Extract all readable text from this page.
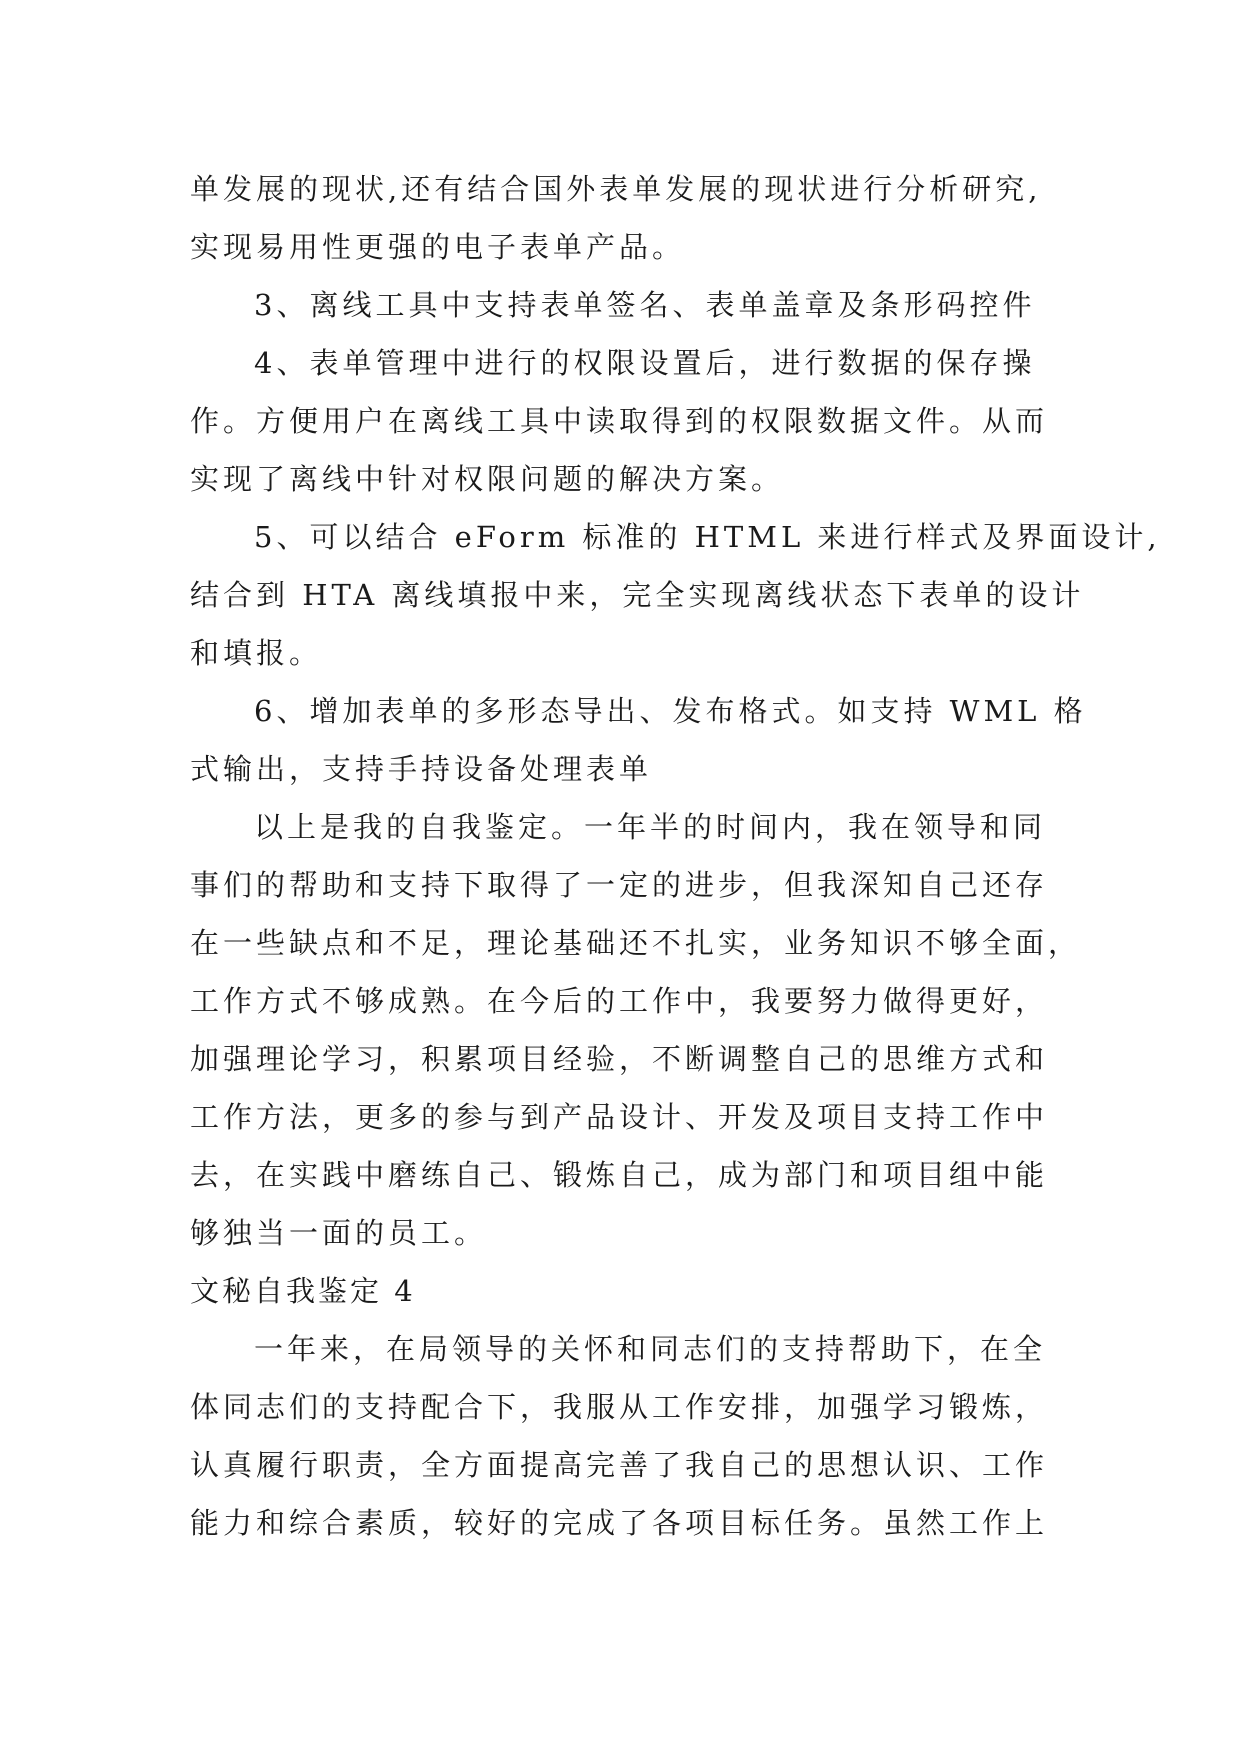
单发展的现状,还有结合国外表单发展的现状进行分析研究,
实现易用性更强的电子表单产品。
3、离线工具中支持表单签名、表单盖章及条形码控件
4、表单管理中进行的权限设置后，进行数据的保存操
作。方便用户在离线工具中读取得到的权限数据文件。从而
实现了离线中针对权限问题的解决方案。
5、可以结合 eForm 标准的 HTML 来进行样式及界面设计,
结合到 HTA 离线填报中来，完全实现离线状态下表单的设计
和填报。
6、增加表单的多形态导出、发布格式。如支持 WML 格
式输出，支持手持设备处理表单
以上是我的自我鉴定。一年半的时间内，我在领导和同
事们的帮助和支持下取得了一定的进步，但我深知自己还存
在一些缺点和不足，理论基础还不扎实，业务知识不够全面，
工作方式不够成熟。在今后的工作中，我要努力做得更好，
加强理论学习，积累项目经验，不断调整自己的思维方式和
工作方法，更多的参与到产品设计、开发及项目支持工作中
去，在实践中磨练自己、锻炼自己，成为部门和项目组中能
够独当一面的员工。
文秘自我鉴定 4
一年来，在局领导的关怀和同志们的支持帮助下，在全
体同志们的支持配合下，我服从工作安排，加强学习锻炼，
认真履行职责，全方面提高完善了我自己的思想认识、工作
能力和综合素质，较好的完成了各项目标任务。虽然工作上
